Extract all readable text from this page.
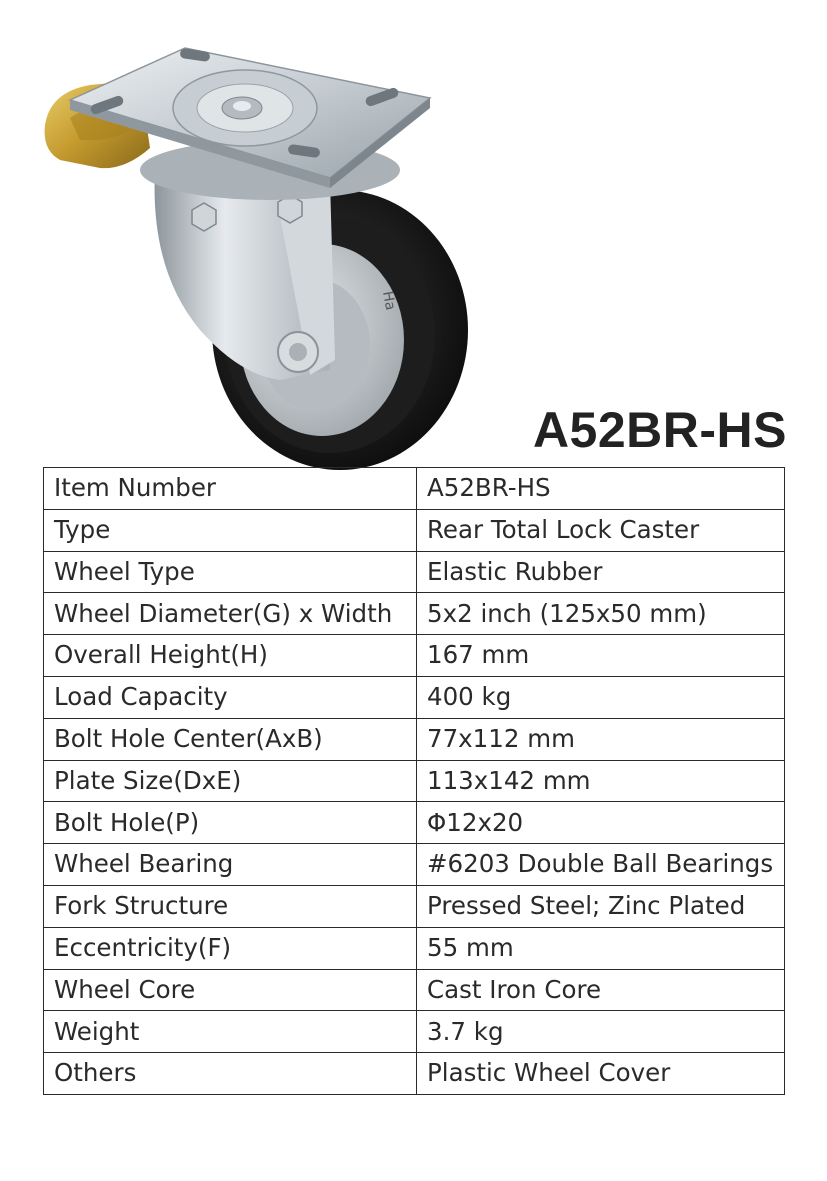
Ha
A52BR-HS
Item Number	A52BR-HS
Type	Rear Total Lock Caster
Wheel Type	Elastic Rubber
Wheel Diameter(G) x Width	5x2 inch (125x50 mm)
Overall Height(H)	167 mm
Load Capacity	400 kg
Bolt Hole Center(AxB)	77x112 mm
Plate Size(DxE)	113x142 mm
Bolt Hole(P)	Φ12x20
Wheel Bearing	#6203 Double Ball Bearings
Fork Structure	Pressed Steel; Zinc Plated
Eccentricity(F)	55 mm
Wheel Core	Cast Iron Core
Weight	3.7 kg
Others	Plastic Wheel Cover
